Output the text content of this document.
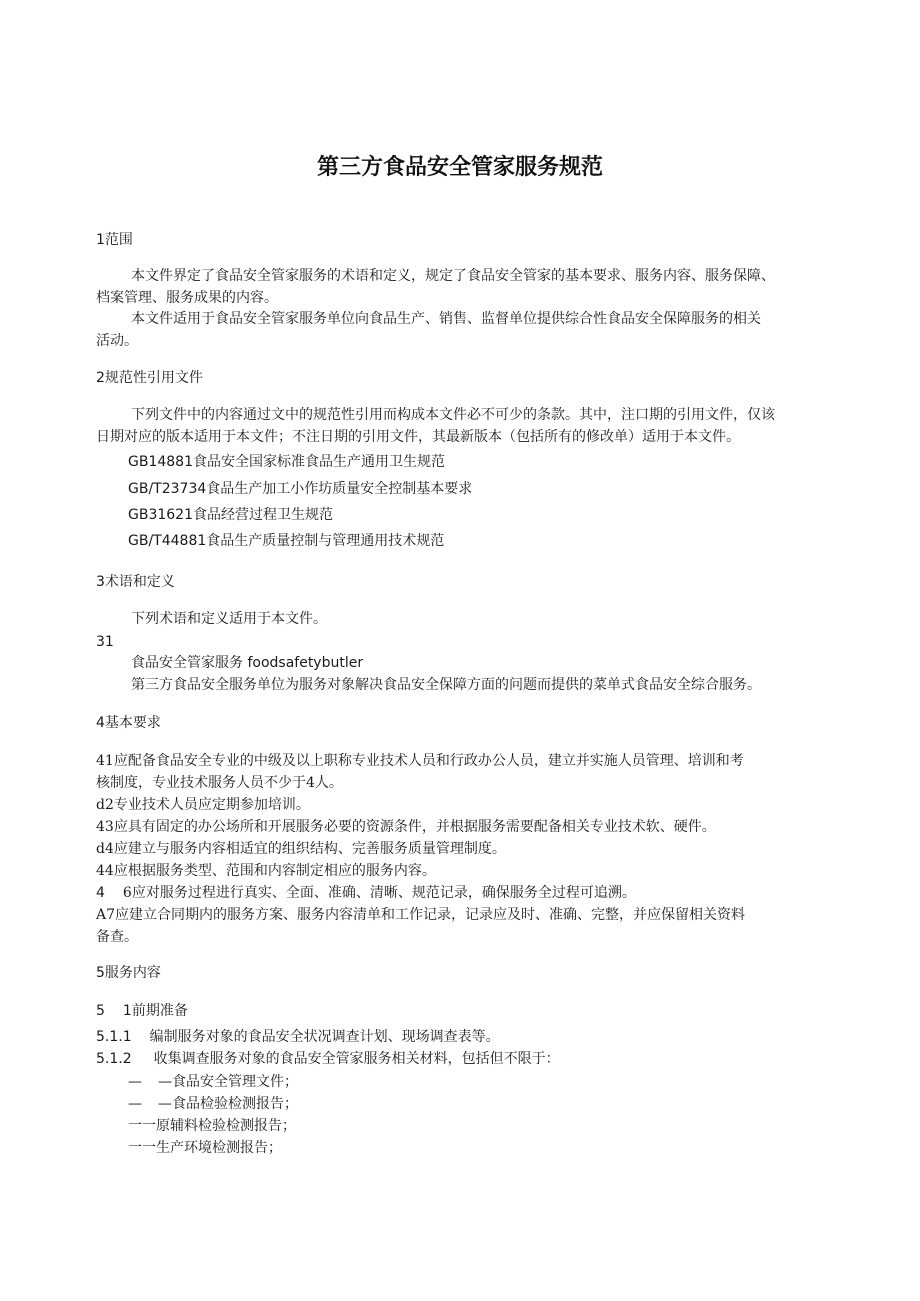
第三方食品安全管家服务规范

1范围

本文件界定了食品安全管家服务的术语和定义，规定了食品安全管家的基本要求、服务内容、服务保障、

档案管理、服务成果的内容。

本文件适用于食品安全管家服务单位向食品生产、销售、监督单位提供综合性食品安全保障服务的相关

活动。

2规范性引用文件

下列文件中的内容通过文中的规范性引用而构成本文件必不可少的条款。其中，注口期的引用文件，仅该

日期对应的版本适用于本文件；不注日期的引用文件，其最新版本（包括所有的修改单）适用于本文件。

GB14881食品安全国家标准食品生产通用卫生规范

GB/T23734食品生产加工小作坊质量安全控制基本要求

GB31621食品经营过程卫生规范

GB/T44881食品生产质量控制与管理通用技术规范

3术语和定义

下列术语和定义适用于本文件。

31

食品安全管家服务 foodsafetybutler

第三方食品安全服务单位为服务对象解决食品安全保障方面的问题而提供的菜单式食品安全综合服务。

4基本要求

41应配备食品安全专业的中级及以上职称专业技术人员和行政办公人员，建立并实施人员管理、培训和考

核制度，专业技术服务人员不少于4人。

d2专业技术人员应定期参加培训。

43应具有固定的办公场所和开展服务必要的资源条件，并根据服务需要配备相关专业技术软、硬件。

d4应建立与服务内容相适宜的组织结构、完善服务质量管理制度。

44应根据服务类型、范围和内容制定相应的服务内容。

4 6应对服务过程进行真实、全面、准确、清晰、规范记录，确保服务全过程可追溯。

A7应建立合同期内的服务方案、服务内容清单和工作记录，记录应及时、准确、完整，并应保留相关资料

备查。

5服务内容

5 1前期准备

5.1.1 编制服务对象的食品安全状况调查计划、现场调查表等。

5.1.2 收集调查服务对象的食品安全管家服务相关材料，包括但不限于：

— —食品安全管理文件；

— —食品检验检测报告；

一一原辅料检验检测报告；

一一生产环境检测报告；
